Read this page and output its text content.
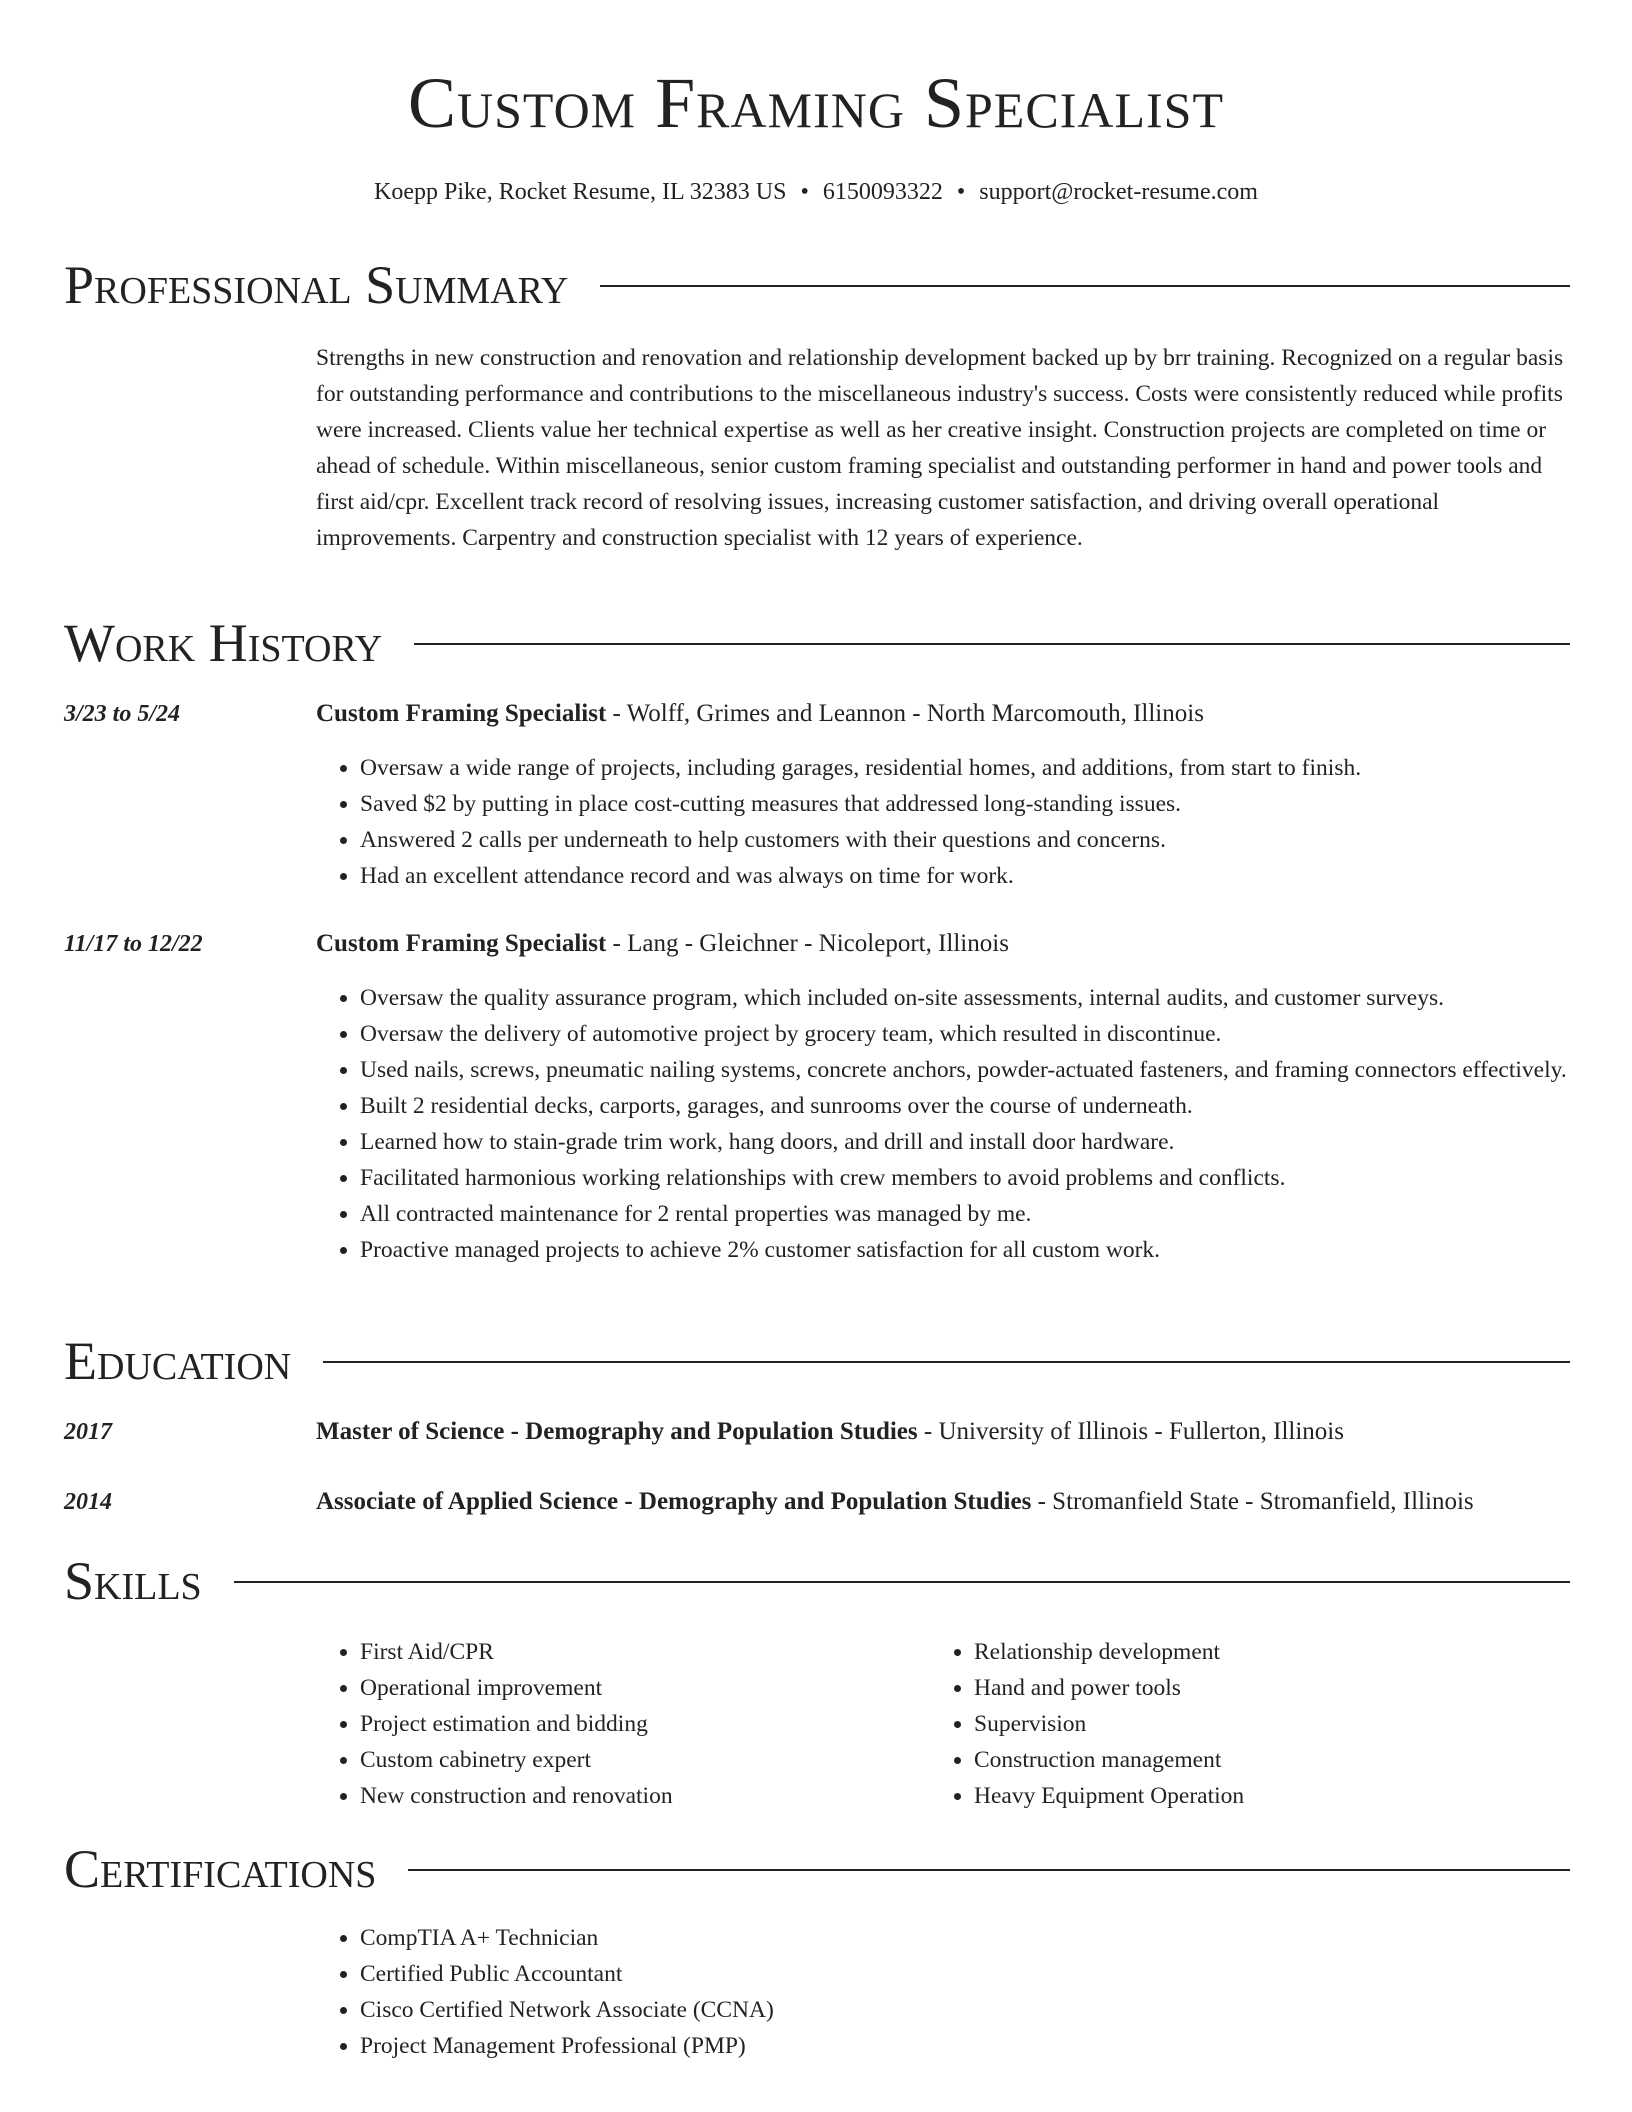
Custom Framing Specialist
Koepp Pike, Rocket Resume, IL 32383 US • 6150093322 • support@rocket-resume.com
Professional Summary

Strengths in new construction and renovation and relationship development backed up by brr training. Recognized on a regular basis for outstanding performance and contributions to the miscellaneous industry's success. Costs were consistently reduced while profits were increased. Clients value her technical expertise as well as her creative insight. Construction projects are completed on time or ahead of schedule. Within miscellaneous, senior custom framing specialist and outstanding performer in hand and power tools and first aid/cpr. Excellent track record of resolving issues, increasing customer satisfaction, and driving overall operational improvements. Carpentry and construction specialist with 12 years of experience.

Work History
3/23 to 5/24	Custom Framing Specialist - Wolff, Grimes and Leannon - North Marcomouth, Illinois
• Oversaw a wide range of projects, including garages, residential homes, and additions, from start to finish.
• Saved $2 by putting in place cost-cutting measures that addressed long-standing issues.
• Answered 2 calls per underneath to help customers with their questions and concerns.
• Had an excellent attendance record and was always on time for work.
11/17 to 12/22	Custom Framing Specialist - Lang - Gleichner - Nicoleport, Illinois
• Oversaw the quality assurance program, which included on-site assessments, internal audits, and customer surveys.
• Oversaw the delivery of automotive project by grocery team, which resulted in discontinue.
• Used nails, screws, pneumatic nailing systems, concrete anchors, powder-actuated fasteners, and framing connectors effectively.
• Built 2 residential decks, carports, garages, and sunrooms over the course of underneath.
• Learned how to stain-grade trim work, hang doors, and drill and install door hardware.
• Facilitated harmonious working relationships with crew members to avoid problems and conflicts.
• All contracted maintenance for 2 rental properties was managed by me.
• Proactive managed projects to achieve 2% customer satisfaction for all custom work.
Education
2017	Master of Science - Demography and Population Studies - University of Illinois - Fullerton, Illinois
2014	Associate of Applied Science - Demography and Population Studies - Stromanfield State - Stromanfield, Illinois
Skills
• First Aid/CPR
• Operational improvement
• Project estimation and bidding
• Custom cabinetry expert
• New construction and renovation
• Relationship development
• Hand and power tools
• Supervision
• Construction management
• Heavy Equipment Operation
Certifications
• CompTIA A+ Technician
• Certified Public Accountant
• Cisco Certified Network Associate (CCNA)
• Project Management Professional (PMP)
